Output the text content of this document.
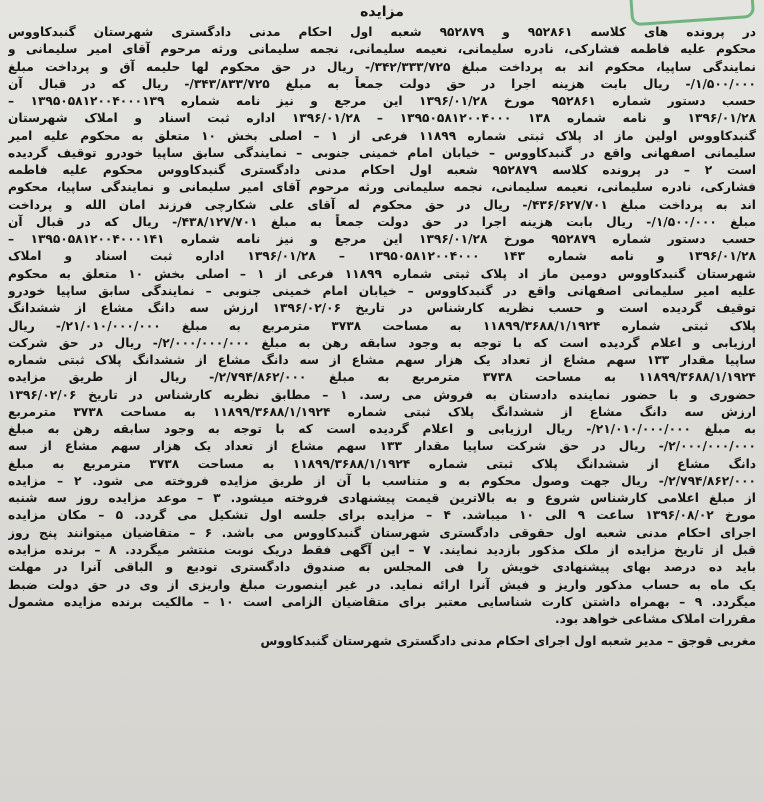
مزایده
در پرونده های کلاسه ۹۵۲۸۶۱ و ۹۵۲۸۷۹ شعبه اول احکام مدنی دادگستری شهرستان گنبدکاووس
محکوم علیه فاطمه فشارکی، نادره سلیمانی، نعیمه سلیمانی، نجمه سلیمانی ورثه مرحوم آقای امیر سلیمانی و
نمایندگی ساپیا، محکوم اند به پرداخت مبلغ ۳۴۲/۳۳۳/۷۲۵/- ریال در حق محکوم لها حلیمه آق و پرداخت مبلغ
۱/۵۰۰/۰۰۰/- ریال بابت هزینه اجرا در حق دولت جمعاً به مبلغ ۳۴۳/۸۳۳/۷۲۵/- ریال که در قبال آن
حسب دستور شماره ۹۵۲۸۶۱ مورخ ۱۳۹۶/۰۱/۲۸ این مرجع و نیز نامه شماره ۱۳۹۵۰۵۸۱۲۰۰۴۰۰۰۱۳۹ –
۱۳۹۶/۰۱/۲۸ و نامه شماره ۱۳۸ ۱۳۹۵۰۵۸۱۲۰۰۴۰۰۰ – ۱۳۹۶/۰۱/۲۸ اداره ثبت اسناد و املاک شهرستان
گنبدکاووس اولین ماز اد پلاک ثبتی شماره ۱۱۸۹۹ فرعی از ۱ – اصلی بخش ۱۰ متعلق به محکوم علیه امیر
سلیمانی اصفهانی واقع در گنبدکاووس – خیابان امام خمینی جنوبی – نمایندگی سابق ساپیا خودرو توقیف گردیده
است ۲ – در پرونده کلاسه ۹۵۲۸۷۹ شعبه اول احکام مدنی دادگستری گنبدکاووس محکوم علیه فاطمه
فشارکی، نادره سلیمانی، نعیمه سلیمانی، نجمه سلیمانی ورثه مرحوم آقای امیر سلیمانی و نمایندگی ساپیا، محکوم
اند به پرداخت مبلغ ۴۳۶/۶۲۷/۷۰۱/- ریال در حق محکوم له آقای علی شکارچی فرزند امان الله و پرداخت
مبلغ ۱/۵۰۰/۰۰۰/- ریال بابت هزینه اجرا در حق دولت جمعاً به مبلغ ۴۳۸/۱۲۷/۷۰۱/- ریال که در قبال آن
حسب دستور شماره ۹۵۲۸۷۹ مورخ ۱۳۹۶/۰۱/۲۸ این مرجع و نیز نامه شماره ۱۳۹۵۰۵۸۱۲۰۰۴۰۰۰۱۴۱ –
۱۳۹۶/۰۱/۲۸ و نامه شماره ۱۴۳ ۱۳۹۵۰۵۸۱۲۰۰۴۰۰۰ – ۱۳۹۶/۰۱/۲۸ اداره ثبت اسناد و املاک
شهرستان گنبدکاووس دومین ماز اد پلاک ثبتی شماره ۱۱۸۹۹ فرعی از ۱ – اصلی بخش ۱۰ متعلق به محکوم
علیه امیر سلیمانی اصفهانی واقع در گنبدکاووس – خیابان امام خمینی جنوبی – نمایندگی سابق ساپیا خودرو
توقیف گردیده است و حسب نظریه کارشناس در تاریخ ۱۳۹۶/۰۲/۰۶ ارزش سه دانگ مشاع از ششدانگ
پلاک ثبتی شماره ۱۱۸۹۹/۳۶۸۸/۱/۱۹۲۴ به مساحت ۳۷۳۸ مترمربع به مبلغ ۲۱/۰۱۰/۰۰۰/۰۰۰/- ریال
ارزیابی و اعلام گردیده است که با توجه به وجود سابقه رهن به مبلغ ۲/۰۰۰/۰۰۰/۰۰۰/- ریال در حق شرکت
ساپیا مقدار ۱۳۳ سهم مشاع از تعداد یک هزار سهم مشاع از سه دانگ مشاع از ششدانگ پلاک ثبتی شماره
۱۱۸۹۹/۳۶۸۸/۱/۱۹۲۴ به مساحت ۳۷۳۸ مترمربع به مبلغ ۲/۷۹۴/۸۶۲/۰۰۰/- ریال از طریق مزایده
حضوری و با حضور نماینده دادستان به فروش می رسد. ۱ – مطابق نظریه کارشناس در تاریخ ۱۳۹۶/۰۲/۰۶
ارزش سه دانگ مشاع از ششدانگ پلاک ثبتی شماره ۱۱۸۹۹/۳۶۸۸/۱/۱۹۲۴ به مساحت ۳۷۳۸ مترمربع
به مبلغ ۲۱/۰۱۰/۰۰۰/۰۰۰/- ریال ارزیابی و اعلام گردیده است که با توجه به وجود سابقه رهن به مبلغ
۲/۰۰۰/۰۰۰/۰۰۰/- ریال در حق شرکت ساپیا مقدار ۱۳۳ سهم مشاع از تعداد یک هزار سهم مشاع از سه
دانگ مشاع از ششدانگ پلاک ثبتی شماره ۱۱۸۹۹/۳۶۸۸/۱/۱۹۲۴ به مساحت ۳۷۳۸ مترمربع به مبلغ
۲/۷۹۴/۸۶۲/۰۰۰/- ریال جهت وصول محکوم به و متناسب با آن از طریق مزایده فروخته می شود. ۲ – مزایده
از مبلغ اعلامی کارشناس شروع و به بالاترین قیمت پیشنهادی فروخته میشود. ۳ – موعد مزایده روز سه شنبه
مورخ ۱۳۹۶/۰۸/۰۲ ساعت ۹ الی ۱۰ میباشد. ۴ – مزایده برای جلسه اول تشکیل می گردد. ۵ – مکان مزایده
اجرای احکام مدنی شعبه اول حقوقی دادگستری شهرستان گنبدکاووس می باشد. ۶ – متقاضیان میتوانند پنج روز
قبل از تاریخ مزایده از ملک مذکور بازدید نمایند. ۷ – این آگهی فقط دریک نوبت منتشر میگردد. ۸ – برنده مزایده
باید ده درصد بهای پیشنهادی خویش را فی المجلس به صندوق دادگستری تودیع و الباقی آنرا در مهلت
یک ماه به حساب مذکور واریز و فیش آنرا ارائه نماید. در غیر اینصورت مبلغ واریزی از وی در حق دولت ضبط
میگردد. ۹ – بهمراه داشتن کارت شناسایی معتبر برای متقاضیان الزامی است ۱۰ – مالکیت برنده مزایده مشمول
مقررات املاک مشاعی خواهد بود.
مغربی قوجق – مدیر شعبه اول اجرای احکام مدنی دادگستری شهرستان گنبدکاووس
